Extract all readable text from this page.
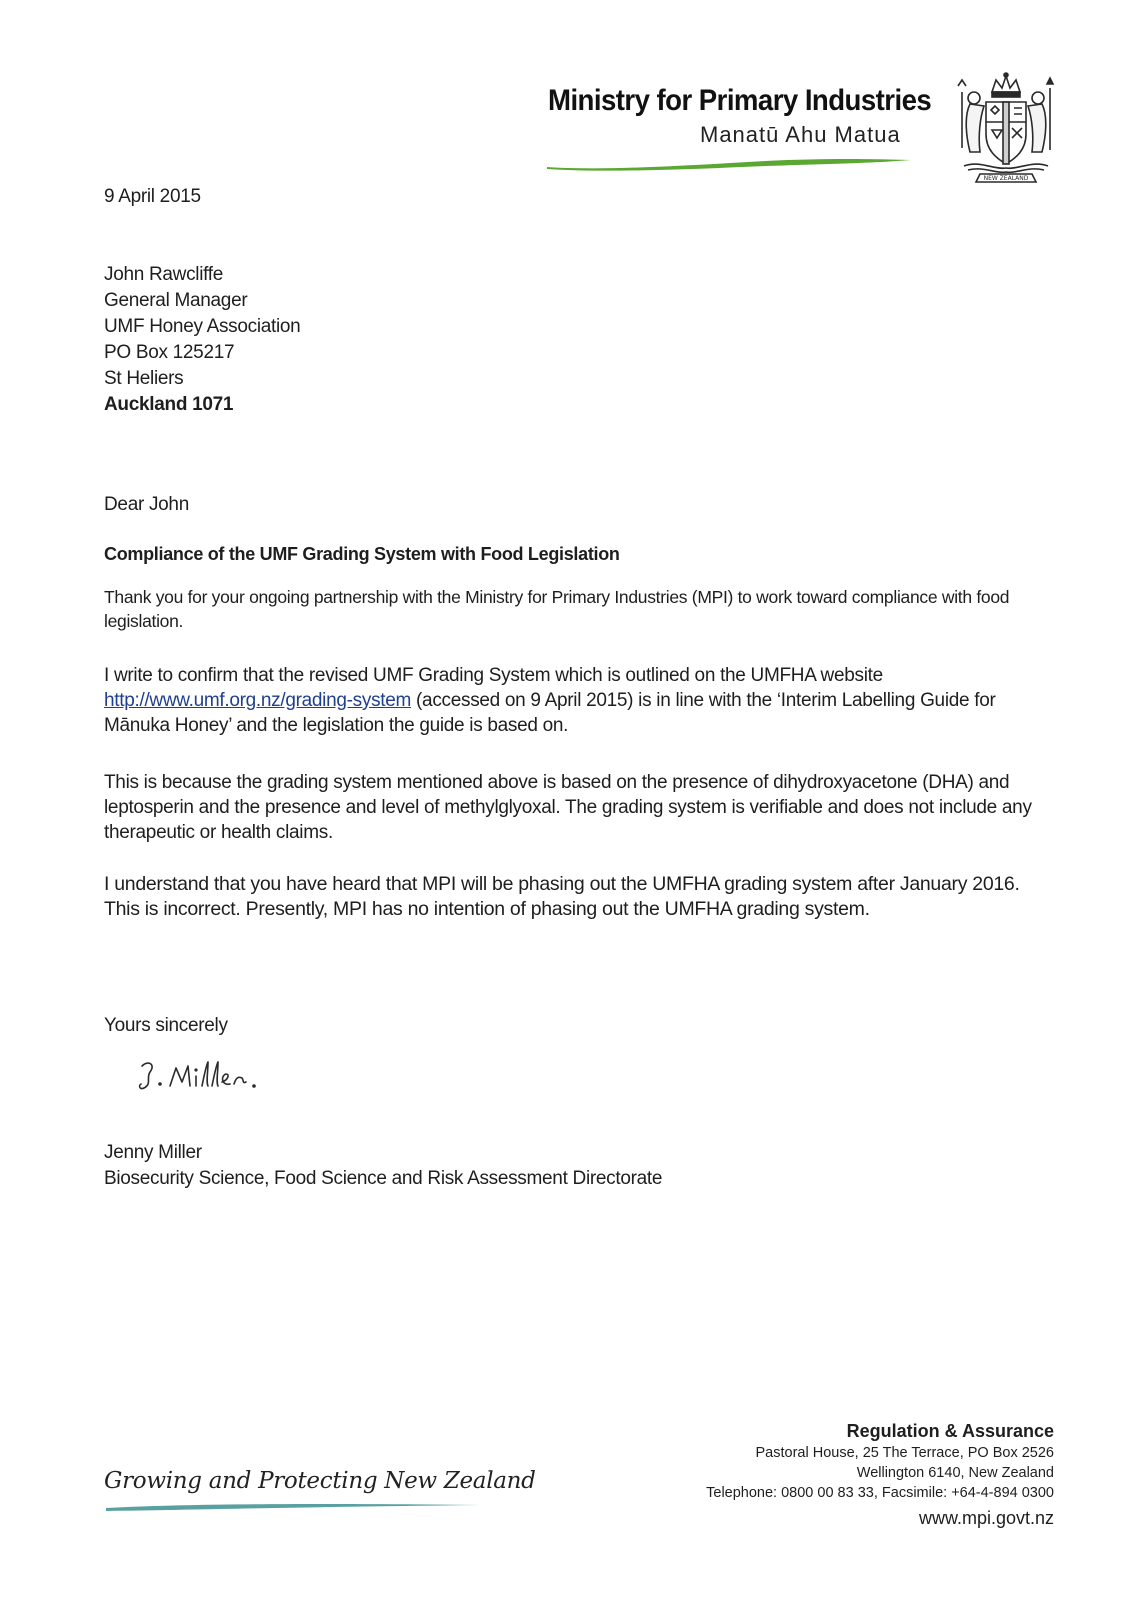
Ministry for Primary Industries
Manatū Ahu Matua
NEW ZEALAND
9 April 2015
John Rawcliffe
General Manager
UMF Honey Association
PO Box 125217
St Heliers
Auckland 1071
Dear John
Compliance of the UMF Grading System with Food Legislation
Thank you for your ongoing partnership with the Ministry for Primary Industries (MPI) to work toward compliance with food legislation.
I write to confirm that the revised UMF Grading System which is outlined on the UMFHA website
http://www.umf.org.nz/grading-system (accessed on 9 April 2015) is in line with the ‘Interim Labelling Guide for Mānuka Honey’ and the legislation the guide is based on.
This is because the grading system mentioned above is based on the presence of dihydroxyacetone (DHA) and leptosperin and the presence and level of methylglyoxal. The grading system is verifiable and does not include any therapeutic or health claims.
I understand that you have heard that MPI will be phasing out the UMFHA grading system after January 2016. This is incorrect. Presently, MPI has no intention of phasing out the UMFHA grading system.
Yours sincerely
Jenny Miller
Biosecurity Science, Food Science and Risk Assessment Directorate
Growing and Protecting New Zealand
Regulation & Assurance
Pastoral House, 25 The Terrace, PO Box 2526
Wellington 6140, New Zealand
Telephone: 0800 00 83 33, Facsimile: +64-4-894 0300
www.mpi.govt.nz
